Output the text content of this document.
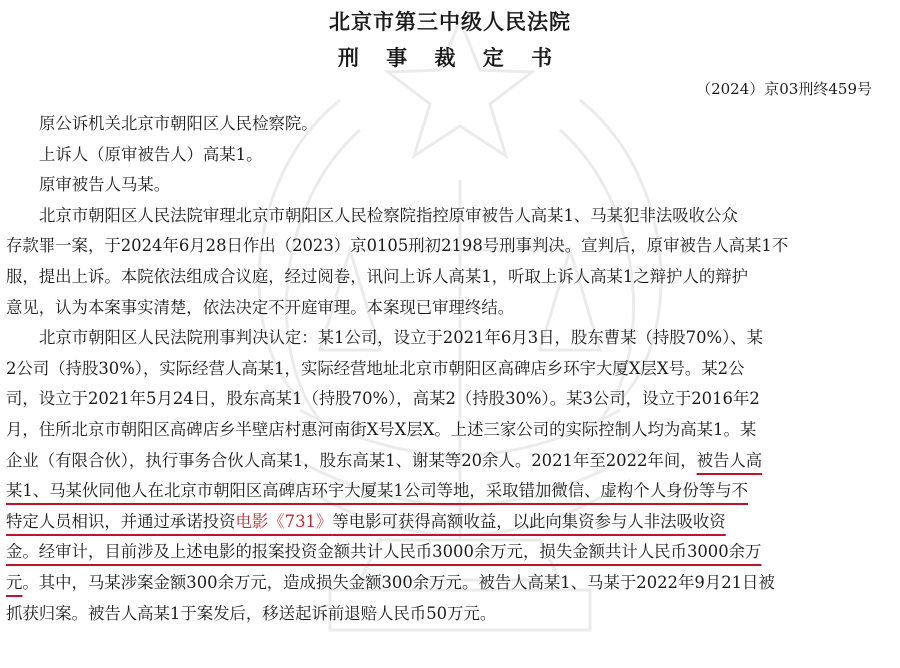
北京市第三中级人民法院
刑 事 裁 定 书
（2024）京03刑终459号
原公诉机关北京市朝阳区人民检察院。
上诉人（原审被告人）高某1。
原审被告人马某。
北京市朝阳区人民法院审理北京市朝阳区人民检察院指控原审被告人高某1、马某犯非法吸收公众
存款罪一案，于2024年6月28日作出（2023）京0105刑初2198号刑事判决。宣判后，原审被告人高某1不
服，提出上诉。本院依法组成合议庭，经过阅卷，讯问上诉人高某1，听取上诉人高某1之辩护人的辩护
意见，认为本案事实清楚，依法决定不开庭审理。本案现已审理终结。
北京市朝阳区人民法院刑事判决认定：某1公司，设立于2021年6月3日，股东曹某（持股70%）、某
2公司（持股30%），实际经营人高某1，实际经营地址北京市朝阳区高碑店乡环宇大厦X层X号。某2公
司，设立于2021年5月24日，股东高某1（持股70%），高某2（持股30%）。某3公司，设立于2016年2
月，住所北京市朝阳区高碑店乡半壁店村惠河南街X号X层X。上述三家公司的实际控制人均为高某1。某
企业（有限合伙），执行事务合伙人高某1，股东高某1、谢某等20余人。2021年至2022年间，被告人高
某1、马某伙同他人在北京市朝阳区高碑店环宇大厦某1公司等地，采取错加微信、虚构个人身份等与不
特定人员相识，并通过承诺投资电影《731》等电影可获得高额收益，以此向集资参与人非法吸收资
金。经审计，目前涉及上述电影的报案投资金额共计人民币3000余万元，损失金额共计人民币3000余万
元。其中，马某涉案金额300余万元，造成损失金额300余万元。被告人高某1、马某于2022年9月21日被
抓获归案。被告人高某1于案发后，移送起诉前退赔人民币50万元。
